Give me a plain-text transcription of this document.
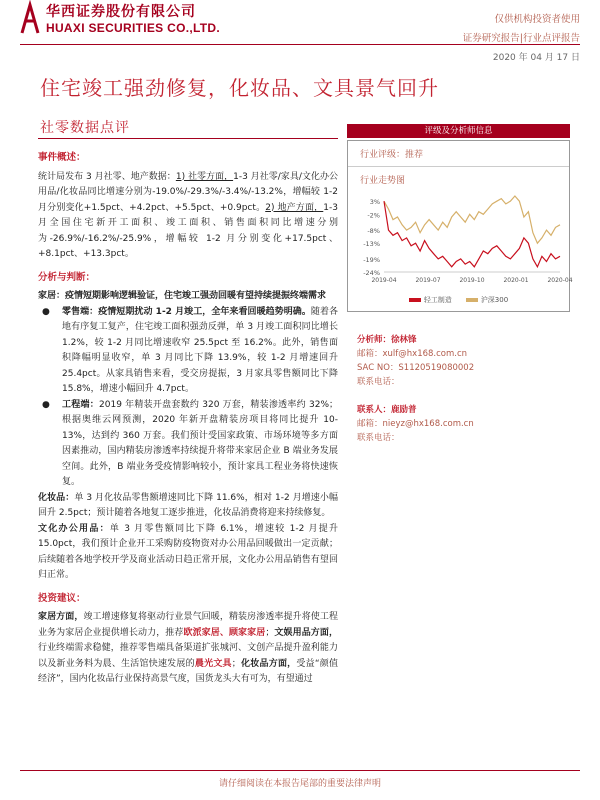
华西证券股份有限公司
HUAXI SECURITIES CO.,LTD.
仅供机构投资者使用
证券研究报告|行业点评报告
2020 年 04 月 17 日
住宅竣工强劲修复，化妆品、文具景气回升
社零数据点评
事件概述：
统计局发布 3 月社零、地产数据：1) 社零方面，1-3 月社零/家具/文化办公用品/化妆品同比增速分别为-19.0%/-29.3%/-3.4%/-13.2%，增幅较 1-2 月分别变化+1.5pct、+4.2pct、+5.5pct、+0.9pct。2) 地产方面，1-3 月全国住宅新开工面积、竣工面积、销售面积同比增速分别为-26.9%/-16.2%/-25.9%，增幅较 1-2 月分别变化+17.5pct、+8.1pct、+13.3pct。
分析与判断：
家居：疫情短期影响逻辑验证，住宅竣工强劲回暖有望持续提振终端需求
● 零售端：疫情短期扰动 1-2 月竣工，全年来看回暖趋势明确。随着各地有序复工复产，住宅竣工面积强劲反弹，单 3 月竣工面积同比增长 1.2%，较 1-2 月同比增速收窄 25.5pct 至 16.2%。此外，销售面积降幅明显收窄，单 3 月同比下降 13.9%，较 1-2 月增速回升 25.4pct。从家具销售来看，受交房提振，3 月家具零售额同比下降 15.8%，增速小幅回升 4.7pct。
● 工程端：2019 年精装开盘套数约 320 万套，精装渗透率约 32%；根据奥维云网预测，2020 年新开盘精装房项目将同比提升 10-13%，达到约 360 万套。我们预计受国家政策、市场环境等多方面因素推动，国内精装房渗透率持续提升将带来家居企业 B 端业务发展空间。此外，B 端业务受疫情影响较小，预计家具工程业务将快速恢复。
化妆品：单 3 月化妆品零售额增速同比下降 11.6%，相对 1-2 月增速小幅回升 2.5pct；预计随着各地复工逐步推进，化妆品消费将迎来持续修复。
文化办公用品：单 3 月零售额同比下降 6.1%，增速较 1-2 月提升 15.0pct，我们预计企业开工采购防疫物资对办公用品回暖做出一定贡献；后续随着各地学校开学及商业活动日趋正常开展，文化办公用品销售有望回归正常。
投资建议：
家居方面，竣工增速修复将驱动行业景气回暖，精装房渗透率提升将使工程业务为家居企业提供增长动力，推荐欧派家居、顾家家居；文娱用品方面，行业终端需求稳健，推荐零售端具备渠道扩张城河、文创产品提升盈利能力以及新业务料为晨、生活馆快速发展的晨光文具；化妆品方面，受益“颜值经济”，国内化妆品行业保持高景气度，国货龙头大有可为，有望通过
评级及分析师信息
行业评级：推荐
行业走势图
3%
-2%
-8%
-13%
-19%
-24%
2019-04	2019-07	2019-10	2020-01	2020-04
轻工制造	沪深300
分析师：徐林锋
邮箱：xulf@hx168.com.cn
SAC NO：S1120519080002
联系电话：
联系人：鹿励普
邮箱：nieyz@hx168.com.cn
联系电话：
请仔细阅读在本报告尾部的重要法律声明
